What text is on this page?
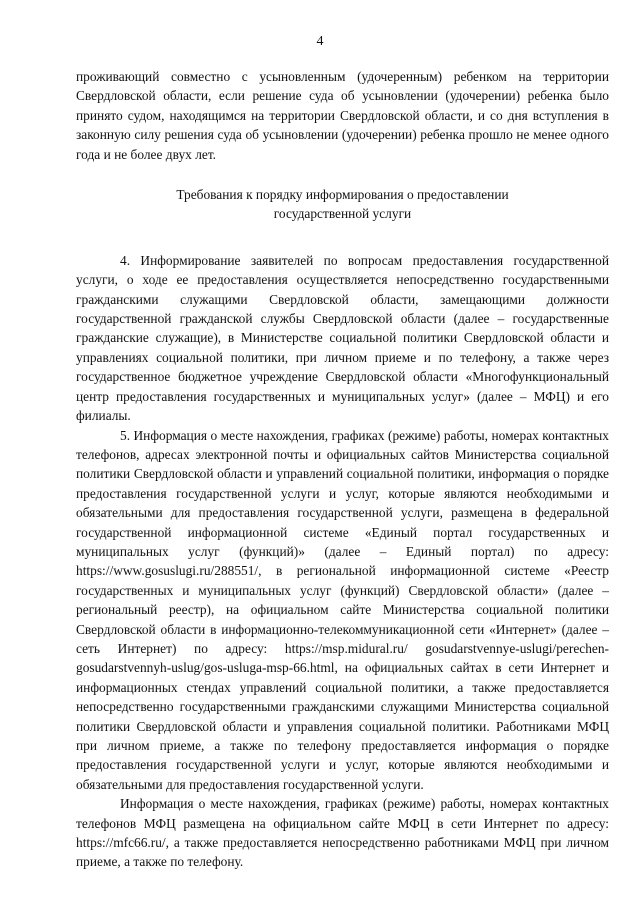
4

проживающий совместно с усыновленным (удочеренным) ребенком на территории Свердловской области, если решение суда об усыновлении (удочерении) ребенка было принято судом, находящимся на территории Свердловской области, и со дня вступления в законную силу решения суда об усыновлении (удочерении) ребенка прошло не менее одного года и не более двух лет.

Требования к порядку информирования о предоставлении
государственной услуги

4. Информирование заявителей по вопросам предоставления государственной услуги, о ходе ее предоставления осуществляется непосредственно государственными гражданскими служащими Свердловской области, замещающими должности государственной гражданской службы Свердловской области (далее – государственные гражданские служащие), в Министерстве социальной политики Свердловской области и управлениях социальной политики, при личном приеме и по телефону, а также через государственное бюджетное учреждение Свердловской области «Многофункциональный центр предоставления государственных и муниципальных услуг» (далее – МФЦ) и его филиалы.

5. Информация о месте нахождения, графиках (режиме) работы, номерах контактных телефонов, адресах электронной почты и официальных сайтов Министерства социальной политики Свердловской области и управлений социальной политики, информация о порядке предоставления государственной услуги и услуг, которые являются необходимыми и обязательными для предоставления государственной услуги, размещена в федеральной государственной информационной системе «Единый портал государственных и муниципальных услуг (функций)» (далее – Единый портал) по адресу: https://www.gosuslugi.ru/288551/, в региональной информационной системе «Реестр государственных и муниципальных услуг (функций) Свердловской области» (далее – региональный реестр), на официальном сайте Министерства социальной политики Свердловской области в информационно-телекоммуникационной сети «Интернет» (далее – сеть Интернет) по адресу: https://msp.midural.ru/ gosudarstvennye-uslugi/perechen-gosudarstvennyh-uslug/gos-usluga-msp-66.html, на официальных сайтах в сети Интернет и информационных стендах управлений социальной политики, а также предоставляется непосредственно государственными гражданскими служащими Министерства социальной политики Свердловской области и управления социальной политики. Работниками МФЦ при личном приеме, а также по телефону предоставляется информация о порядке предоставления государственной услуги и услуг, которые являются необходимыми и обязательными для предоставления государственной услуги.

Информация о месте нахождения, графиках (режиме) работы, номерах контактных телефонов МФЦ размещена на официальном сайте МФЦ в сети Интернет по адресу: https://mfc66.ru/, а также предоставляется непосредственно работниками МФЦ при личном приеме, а также по телефону.
